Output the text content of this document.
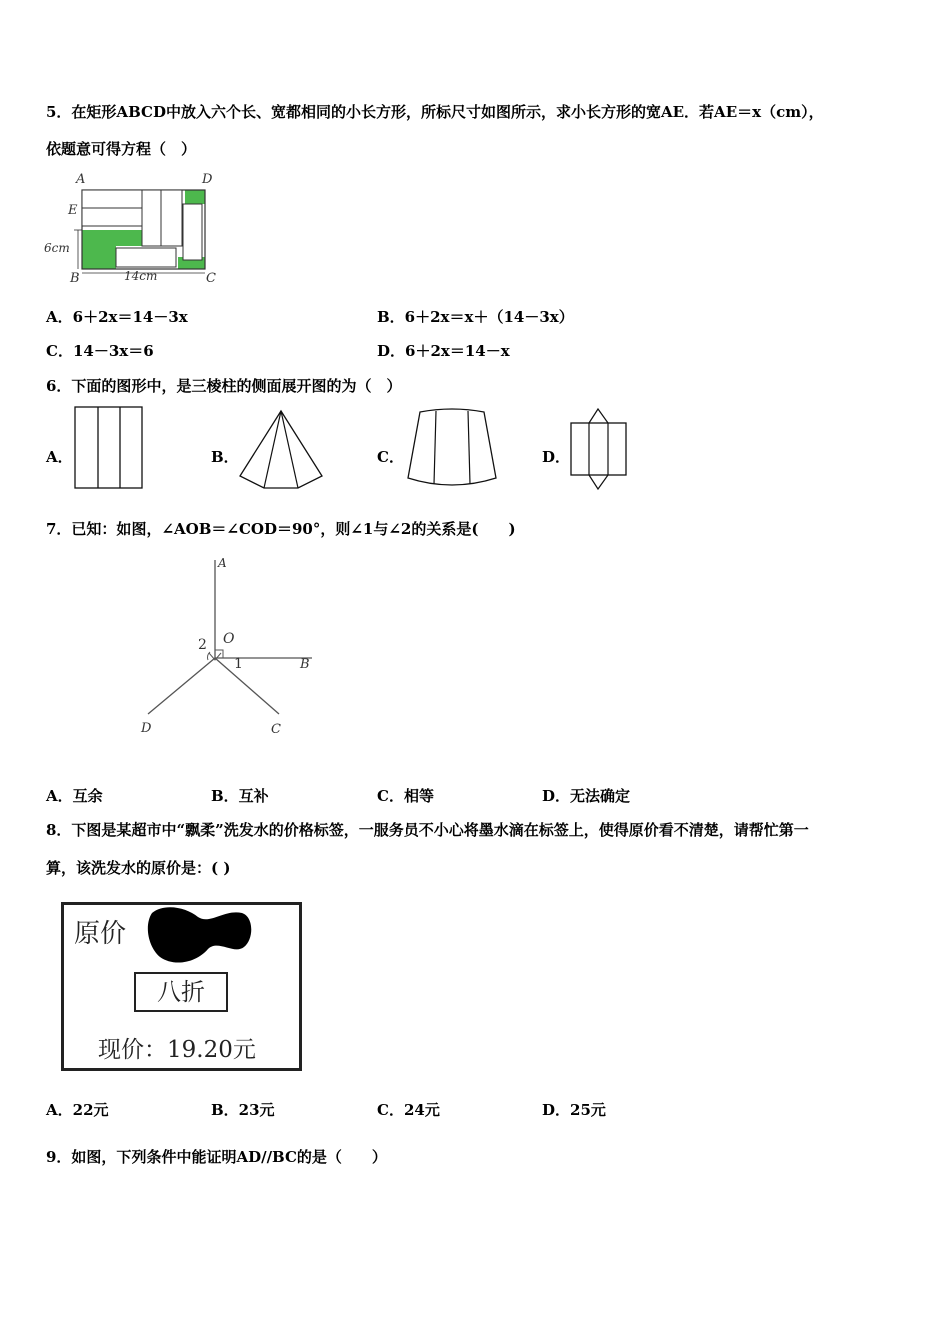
5．在矩形ABCD中放入六个长、宽都相同的小长方形，所标尺寸如图所示，求小长方形的宽AE．若AE＝x（cm），
依题意可得方程（　）
A	D
E
6cm
B	14cm	C
A．6＋2x＝14－3x	B．6＋2x＝x＋（14－3x）
C．14－3x＝6	D．6＋2x＝14－x
6．下面的图形中，是三棱柱的侧面展开图的为（　）
A．	B．	C．	D．
7．已知：如图，∠AOB＝∠COD＝90°，则∠1与∠2的关系是(　　)
A
O
2
1	B
D	C
A．互余	B．互补	C．相等	D．无法确定
8．下图是某超市中“飘柔”洗发水的价格标签，一服务员不小心将墨水滴在标签上，使得原价看不清楚，请帮忙第一
算，该洗发水的原价是：( )
原价
八折
现价：19.20元
A．22元	B．23元	C．24元	D．25元
9．如图，下列条件中能证明AD//BC的是（　　）
